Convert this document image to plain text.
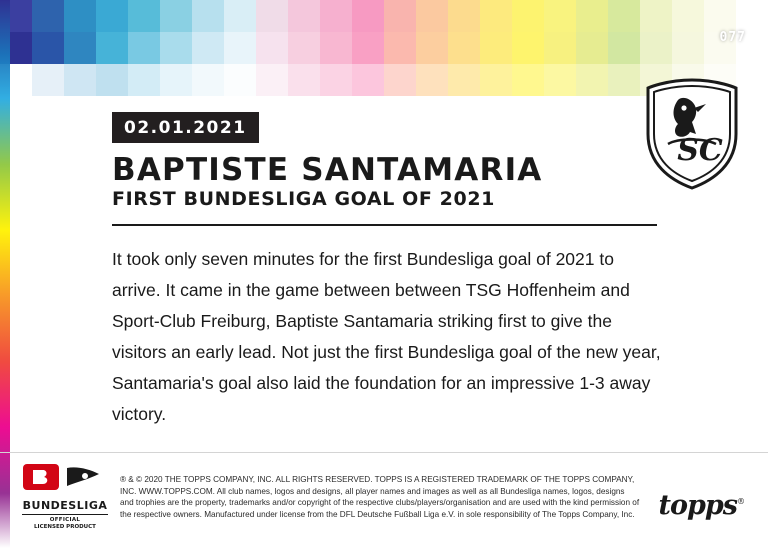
077
SC
02.01.2021
BAPTISTE SANTAMARIA
FIRST BUNDESLIGA GOAL OF 2021
It took only seven minutes for the first Bundesliga goal of 2021 to arrive. It came in the game between between TSG Hoffenheim and Sport-Club Freiburg, Baptiste Santamaria striking first to give the visitors an early lead. Not just the first Bundesliga goal of the new year, Santamaria's goal also laid the foundation for an impressive 1-3 away victory.
BUNDESLIGA
OFFICIAL
LICENSED PRODUCT
® & © 2020 THE TOPPS COMPANY, INC. ALL RIGHTS RESERVED. TOPPS IS A REGISTERED TRADEMARK OF THE TOPPS COMPANY, INC. WWW.TOPPS.COM. All club names, logos and designs, all player names and images as well as all Bundesliga names, logos, designs and trophies are the property, trademarks and/or copyright of the respective clubs/players/organisation and are used with the kind permission of the respective owners. Manufactured under license from the DFL Deutsche Fußball Liga e.V. in sole responsibility of The Topps Company, Inc. topps®
